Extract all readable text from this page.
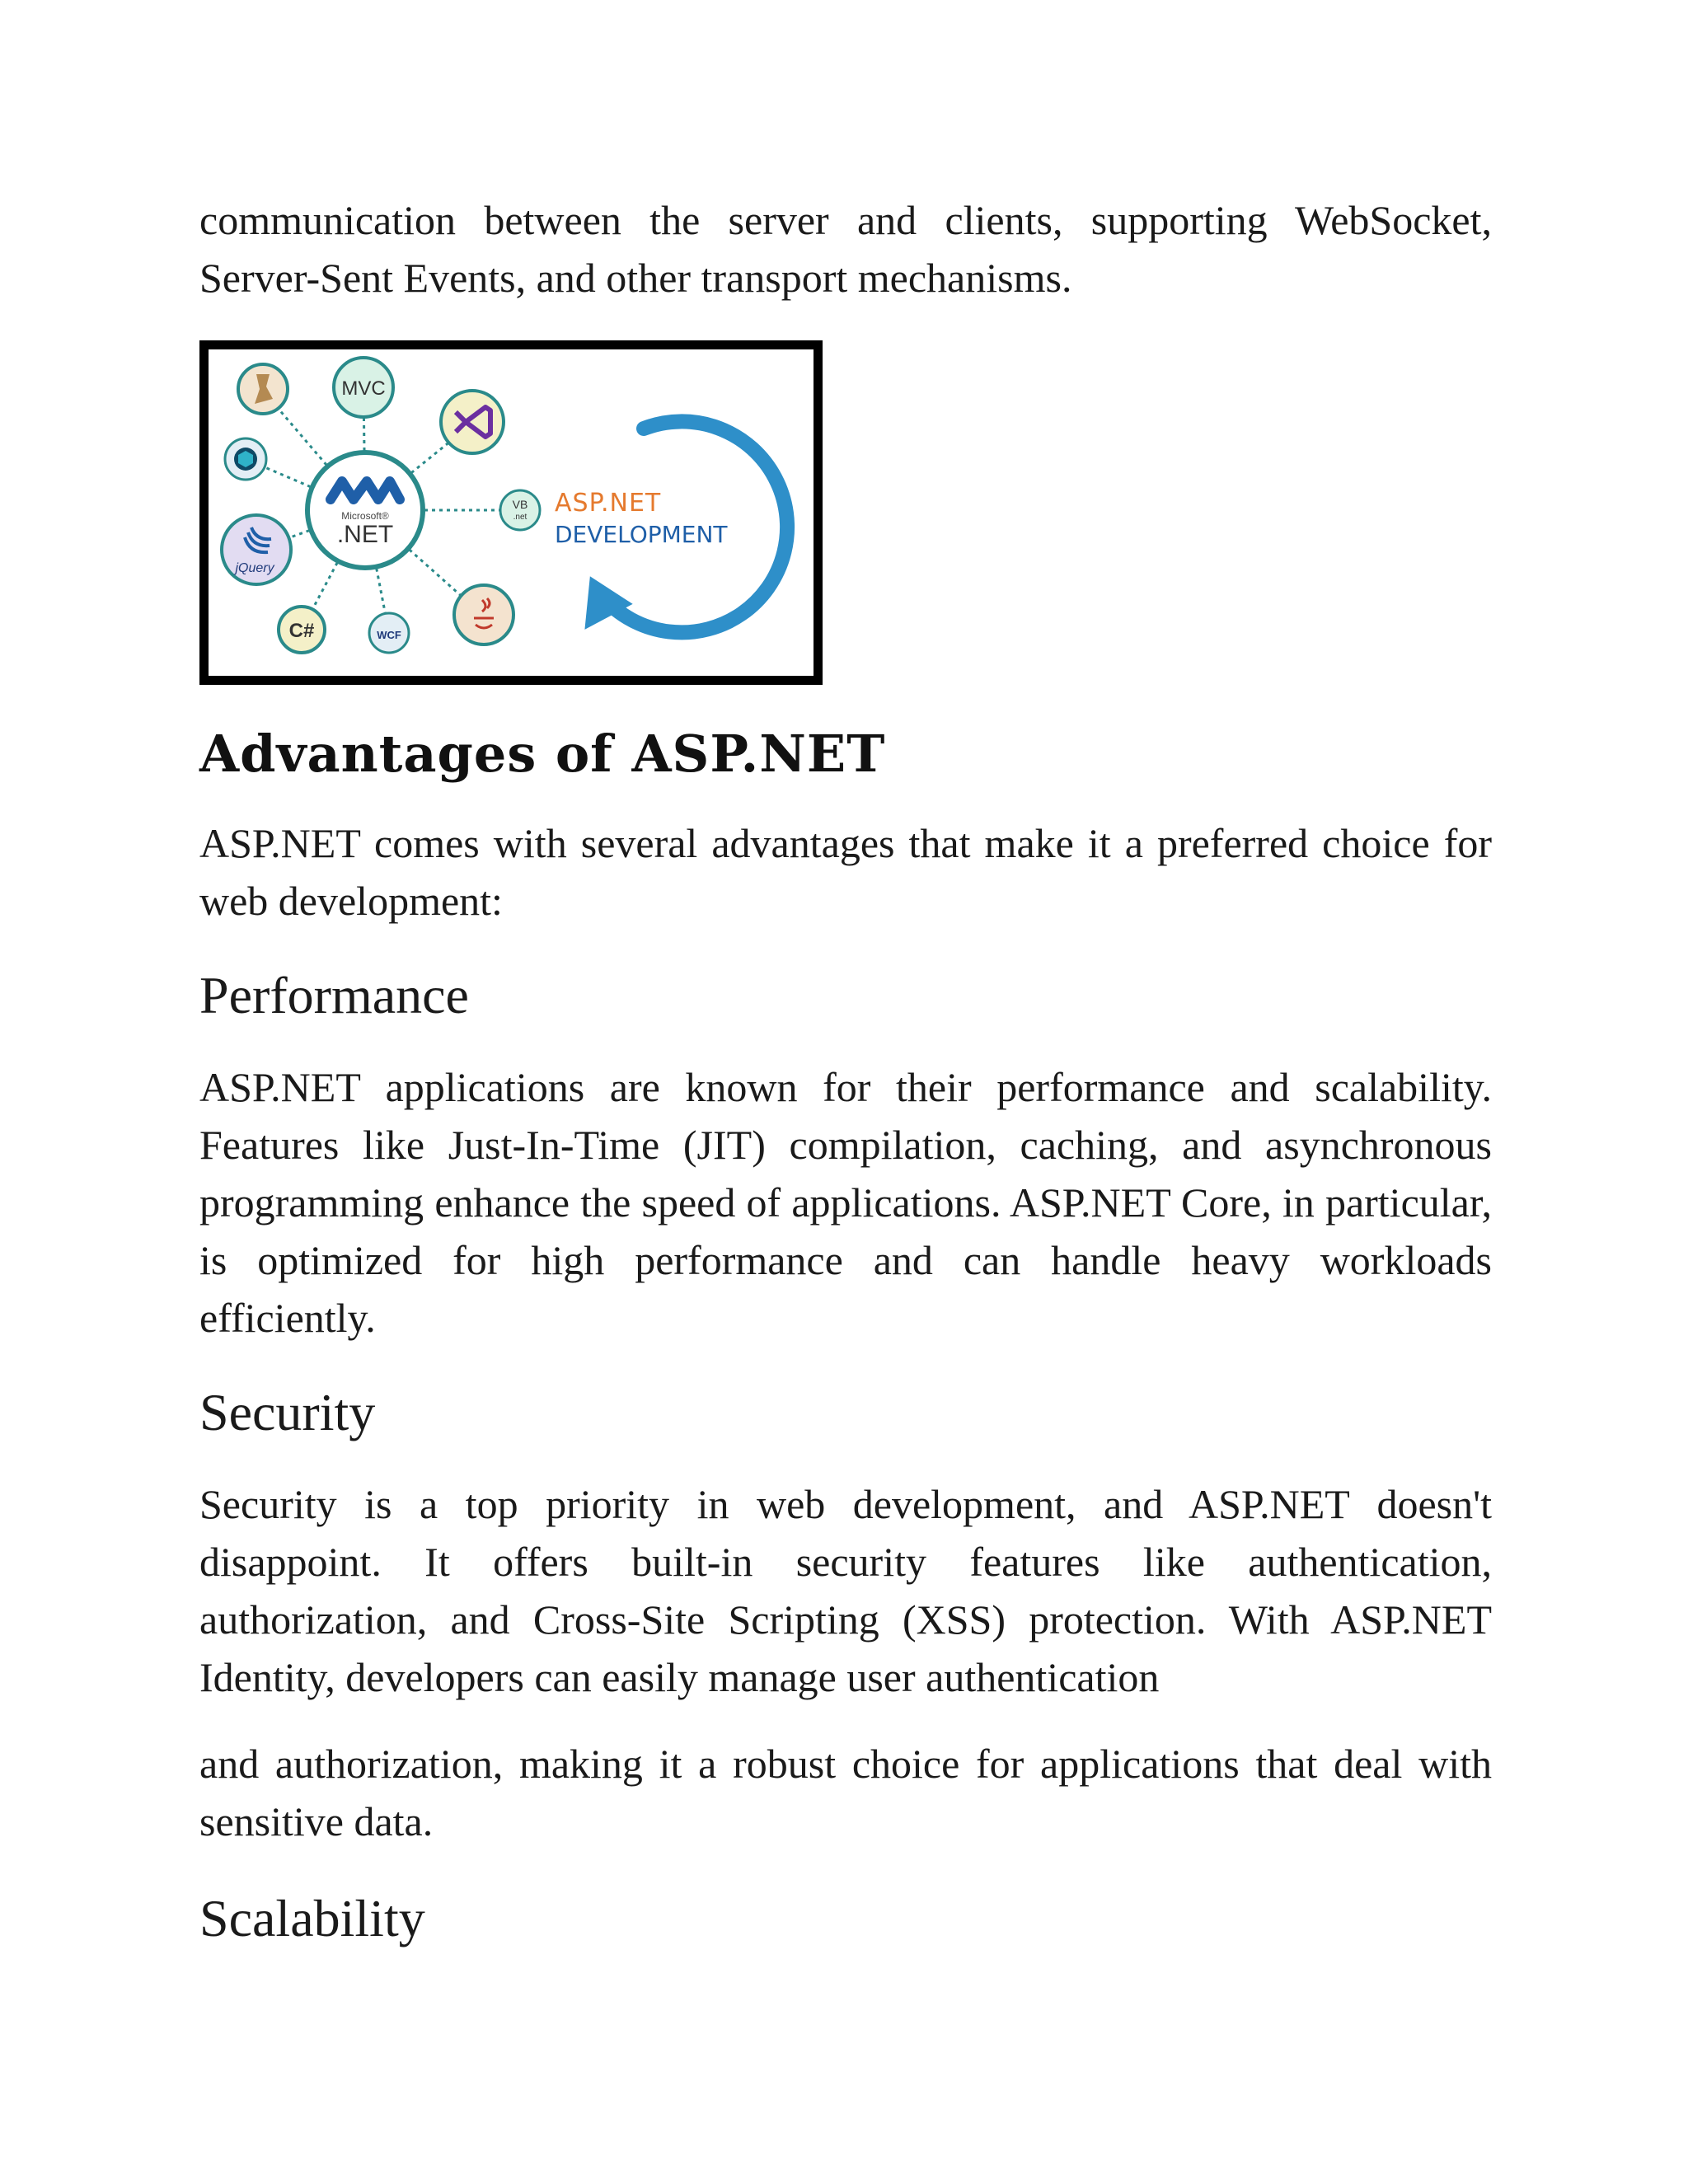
communication between the server and clients, supporting WebSocket, Server-Sent Events, and other transport mechanisms.

MVC
jQuery
C#	WCF
VB
.net
Microsoft®
.NET
ASP.NET
DEVELOPMENT
Advantages of ASP.NET

ASP.NET comes with several advantages that make it a preferred choice for web development:

Performance

ASP.NET applications are known for their performance and scalability. Features like Just-In-Time (JIT) compilation, caching, and asynchronous programming enhance the speed of applications. ASP.NET Core, in particular, is optimized for high performance and can handle heavy workloads efficiently.

Security

Security is a top priority in web development, and ASP.NET doesn't disappoint. It offers built-in security features like authentication, authorization, and Cross-Site Scripting (XSS) protection. With ASP.NET Identity, developers can easily manage user authentication

and authorization, making it a robust choice for applications that deal with sensitive data.

Scalability
